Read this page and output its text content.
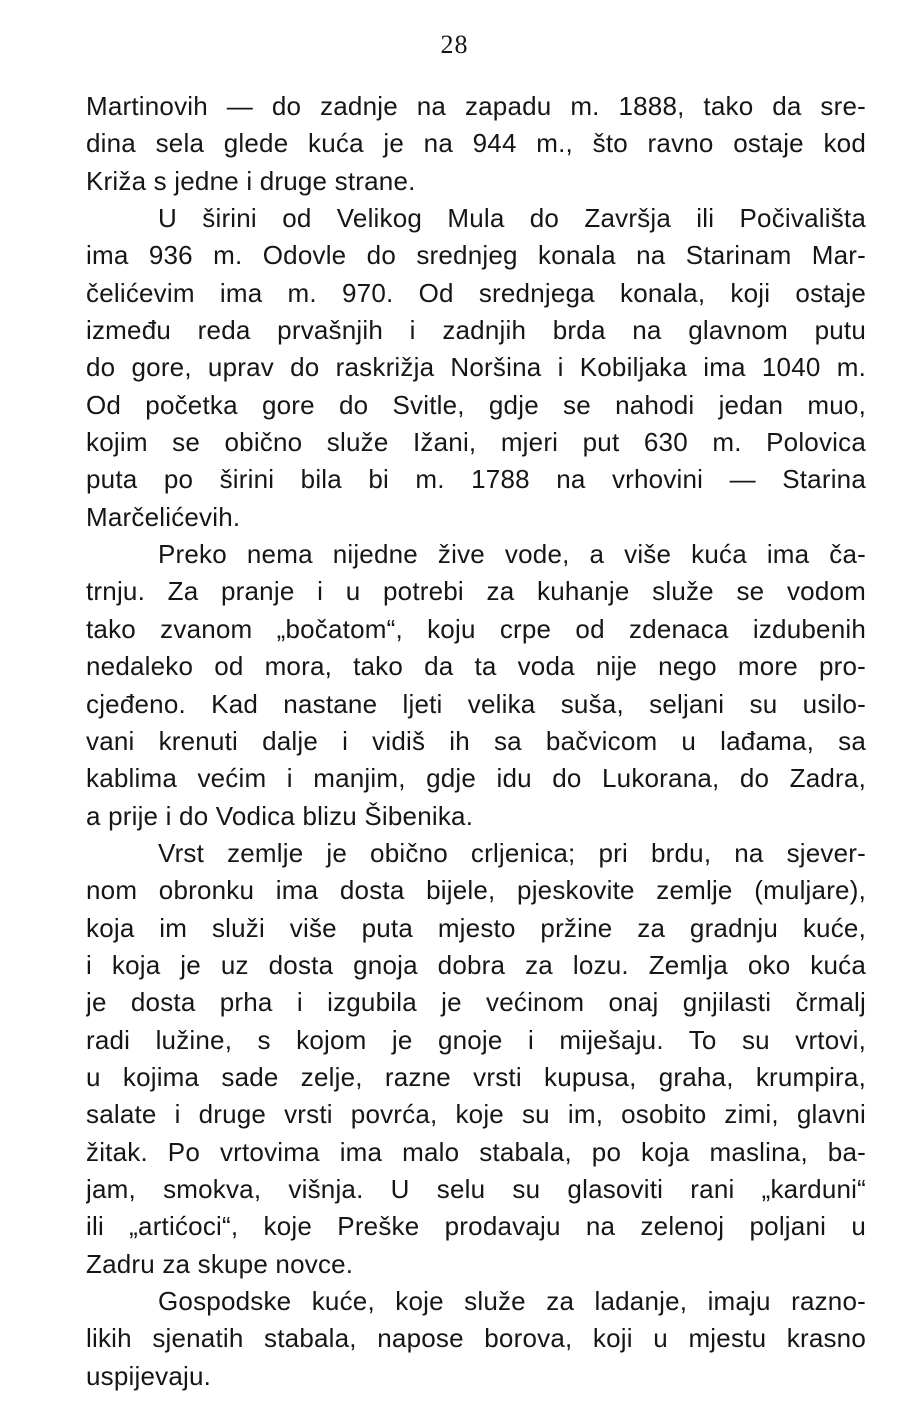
28
Martinovih — do zadnje na zapadu m. 1888, tako da sre-
dina sela glede kuća je na 944 m., što ravno ostaje kod
Križa s jedne i druge strane.
U širini od Velikog Mula do Završja ili Počivališta
ima 936 m. Odovle do srednjeg konala na Starinam Mar-
čelićevim ima m. 970. Od srednjega konala, koji ostaje
između reda prvašnjih i zadnjih brda na glavnom putu
do gore, uprav do raskrižja Noršina i Kobiljaka ima 1040 m.
Od početka gore do Svitle, gdje se nahodi jedan muo,
kojim se obično služe Ižani, mjeri put 630 m. Polovica
puta po širini bila bi m. 1788 na vrhovini — Starina
Marčelićevih.
Preko nema nijedne žive vode, a više kuća ima ča-
trnju. Za pranje i u potrebi za kuhanje služe se vodom
tako zvanom „bočatom“, koju crpe od zdenaca izdubenih
nedaleko od mora, tako da ta voda nije nego more pro-
cjeđeno. Kad nastane ljeti velika suša, seljani su usilo-
vani krenuti dalje i vidiš ih sa bačvicom u lađama, sa
kablima većim i manjim, gdje idu do Lukorana, do Zadra,
a prije i do Vodica blizu Šibenika.
Vrst zemlje je obično crljenica; pri brdu, na sjever-
nom obronku ima dosta bijele, pjeskovite zemlje (muljare),
koja im služi više puta mjesto pržine za gradnju kuće,
i koja je uz dosta gnoja dobra za lozu. Zemlja oko kuća
je dosta prha i izgubila je većinom onaj gnjilasti črmalj
radi lužine, s kojom je gnoje i miješaju. To su vrtovi,
u kojima sade zelje, razne vrsti kupusa, graha, krumpira,
salate i druge vrsti povrća, koje su im, osobito zimi, glavni
žitak. Po vrtovima ima malo stabala, po koja maslina, ba-
jam, smokva, višnja. U selu su glasoviti rani „karduni“
ili „artićoci“, koje Preške prodavaju na zelenoj poljani u
Zadru za skupe novce.
Gospodske kuće, koje služe za ladanje, imaju razno-
likih sjenatih stabala, napose borova, koji u mjestu krasno
uspijevaju.
